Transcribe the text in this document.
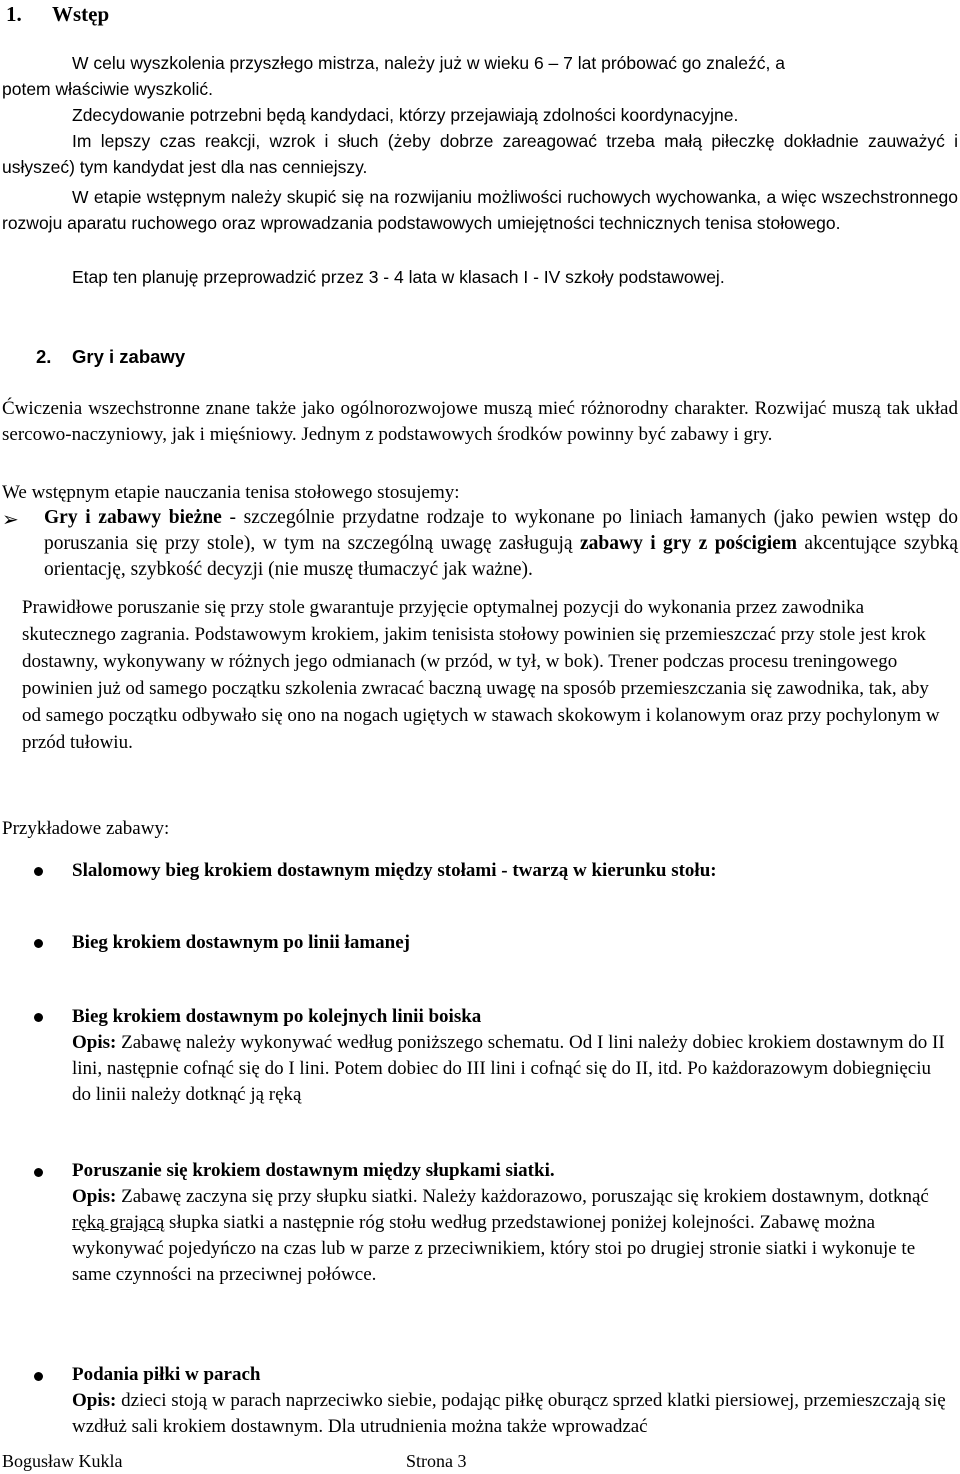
1. Wstęp
W celu wyszkolenia przyszłego mistrza, należy już w wieku 6 – 7 lat próbować go znaleźć, a
potem właściwie wyszkolić.
Zdecydowanie potrzebni będą kandydaci, którzy przejawiają zdolności koordynacyjne.
Im lepszy czas reakcji, wzrok i słuch (żeby dobrze zareagować trzeba małą piłeczkę dokładnie zauważyć i usłyszeć) tym kandydat jest dla nas cenniejszy.
W etapie wstępnym należy skupić się na rozwijaniu możliwości ruchowych wychowanka, a więc wszechstronnego rozwoju aparatu ruchowego oraz wprowadzania podstawowych umiejętności technicznych tenisa stołowego.
Etap ten planuję przeprowadzić przez 3 - 4 lata w klasach I - IV szkoły podstawowej.
2. Gry i zabawy
Ćwiczenia wszechstronne znane także jako ogólnorozwojowe muszą mieć różnorodny charakter. Rozwijać muszą tak układ sercowo-naczyniowy, jak i mięśniowy. Jednym z podstawowych środków powinny być zabawy i gry.
We wstępnym etapie nauczania tenisa stołowego stosujemy:
➢ Gry i zabawy bieżne - szczególnie przydatne rodzaje to wykonane po liniach łamanych (jako pewien wstęp do poruszania się przy stole), w tym na szczególną uwagę zasługują zabawy i gry z pościgiem akcentujące szybką orientację, szybkość decyzji (nie muszę tłumaczyć jak ważne).
Prawidłowe poruszanie się przy stole gwarantuje przyjęcie optymalnej pozycji do wykonania przez zawodnika skutecznego zagrania. Podstawowym krokiem, jakim tenisista stołowy powinien się przemieszczać przy stole jest krok dostawny, wykonywany w różnych jego odmianach (w przód, w tył, w bok). Trener podczas procesu treningowego powinien już od samego początku szkolenia zwracać baczną uwagę na sposób przemieszczania się zawodnika, tak, aby od samego początku odbywało się ono na nogach ugiętych w stawach skokowym i kolanowym oraz przy pochylonym w przód tułowiu.
Przykładowe zabawy:
Slalomowy bieg krokiem dostawnym między stołami - twarzą w kierunku stołu:
Bieg krokiem dostawnym po linii łamanej
Bieg krokiem dostawnym po kolejnych linii boiska
Opis: Zabawę należy wykonywać według poniższego schematu. Od I lini należy dobiec krokiem dostawnym do II lini, następnie cofnąć się do I lini. Potem dobiec do III lini i cofnąć się do II, itd. Po każdorazowym dobiegnięciu do linii należy dotknąć ją ręką
Poruszanie się krokiem dostawnym między słupkami siatki.
Opis: Zabawę zaczyna się przy słupku siatki. Należy każdorazowo, poruszając się krokiem dostawnym, dotknąć ręką grającą słupka siatki a następnie róg stołu według przedstawionej poniżej kolejności. Zabawę można wykonywać pojedyńczo na czas lub w parze z przeciwnikiem, który stoi po drugiej stronie siatki i wykonuje te same czynności na przeciwnej połówce.
Podania piłki w parach
Opis: dzieci stoją w parach naprzeciwko siebie, podając piłkę oburącz sprzed klatki piersiowej, przemieszczają się wzdłuż sali krokiem dostawnym. Dla utrudnienia można także wprowadzać
Bogusław Kukla	Strona 3
